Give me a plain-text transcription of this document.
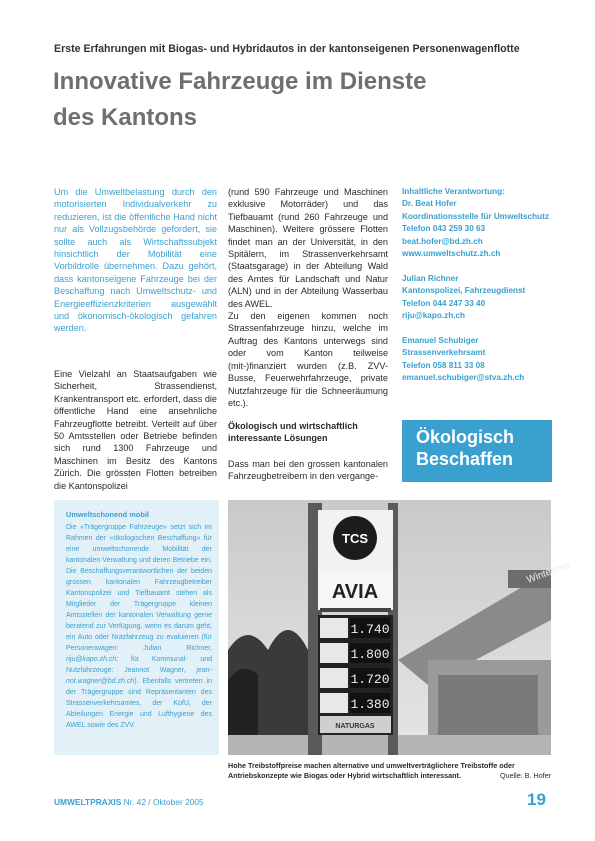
Erste Erfahrungen mit Biogas- und Hybridautos in der kantonseigenen Personenwagenflotte
Innovative Fahrzeuge im Dienste
des Kantons

Um die Umweltbelastung durch den motorisierten Individualverkehr zu reduzieren, ist die öffentliche Hand nicht nur als Vollzugsbehörde gefordert, sie sollte auch als Wirtschaftssubjekt hinsichtlich der Mobilität eine Vorbildrolle übernehmen. Dazu gehört, dass kantonseigene Fahrzeuge bei der Beschaffung nach Umweltschutz- und Energieeffizienzkriterien ausgewählt und ökonomisch-ökologisch gefahren werden.

Eine Vielzahl an Staatsaufgaben wie Sicherheit, Strassendienst, Krankentransport etc. erfordert, dass die öffentliche Hand eine ansehnliche Fahrzeugflotte betreibt. Verteilt auf über 50 Amtsstellen oder Betriebe befinden sich rund 1300 Fahrzeuge und Maschinen im Besitz des Kantons Zürich. Die grössten Flotten betreiben die Kantonspolizei

(rund 590 Fahrzeuge und Maschinen exklusive Motorräder) und das Tiefbauamt (rund 260 Fahrzeuge und Maschinen). Weitere grössere Flotten findet man an der Universität, in den Spitälern, im Strassenverkehrsamt (Staatsgarage) in der Abteilung Wald des Amtes für Landschaft und Natur (ALN) und in der Abteilung Wasserbau des AWEL.

Zu den eigenen kommen noch Strassenfahrzeuge hinzu, welche im Auftrag des Kantons unterwegs sind oder vom Kanton teilweise (mit-)finanziert wurden (z.B. ZVV-Busse, Feuerwehrfahrzeuge, private Nutzfahrzeuge für die Schneeräumung etc.).

Ökologisch und wirtschaftlich interessante Lösungen
Dass man bei den grossen kantonalen Fahrzeugbetreibern in den vergange-
Inhaltliche Verantwortung:
Dr. Beat Hofer
Koordinationsstelle für Umweltschutz
Telefon 043 259 30 63
beat.hofer@bd.zh.ch
www.umweltschutz.zh.ch
Julian Richner
Kantonspolizei, Fahrzeugdienst
Telefon 044 247 33 40
riju@kapo.zh.ch
Emanuel Schubiger
Strassenverkehrsamt
Telefon 058 811 33 08
emanuel.schubiger@stva.zh.ch
Ökologisch
Beschaffen
Umweltschonend mobil
Die «Trägergruppe Fahrzeuge» setzt sich im Rahmen der «ökologischen Beschaffung» für eine umweltschonende Mobilität der kantonalen Verwaltung und deren Betriebe ein. Die Beschaffungsverantwortlichen der beiden grossen kantonalen Fahrzeugbetreiber Kantonspolizei und Tiefbauamt stehen als Mitglieder der Trägergruppe kleinen Amtsstellen der kantonalen Verwaltung gerne beratend zur Verfügung, wenn es darum geht, ein Auto oder Nutzfahrzeug zu evaluieren (für Personenwagen: Julian Richner, riju@kapo.zh.ch; für Kommunal- und Nutzfahrzeuge: Jeannot Wagner, jean-not.wagner@bd.zh.ch). Ebenfalls vertreten in der Trägergruppe sind Repräsentanten des Strassenverkehrsamtes, der KofU, der Abteilungen Energie und Lufthygiene des AWEL sowie des ZVV.
Wintermer
TCS
AVIA
1.740
1.800
1.720
1.380
NATURGAS
Hohe Treibstoffpreise machen alternative und umweltverträglichere Treibstoffe oder Antriebskonzepte wie Biogas oder Hybrid wirtschaftlich interessant.	Quelle: B. Hofer
UMWELTPRAXIS Nr. 42 / Oktober 2005	19
